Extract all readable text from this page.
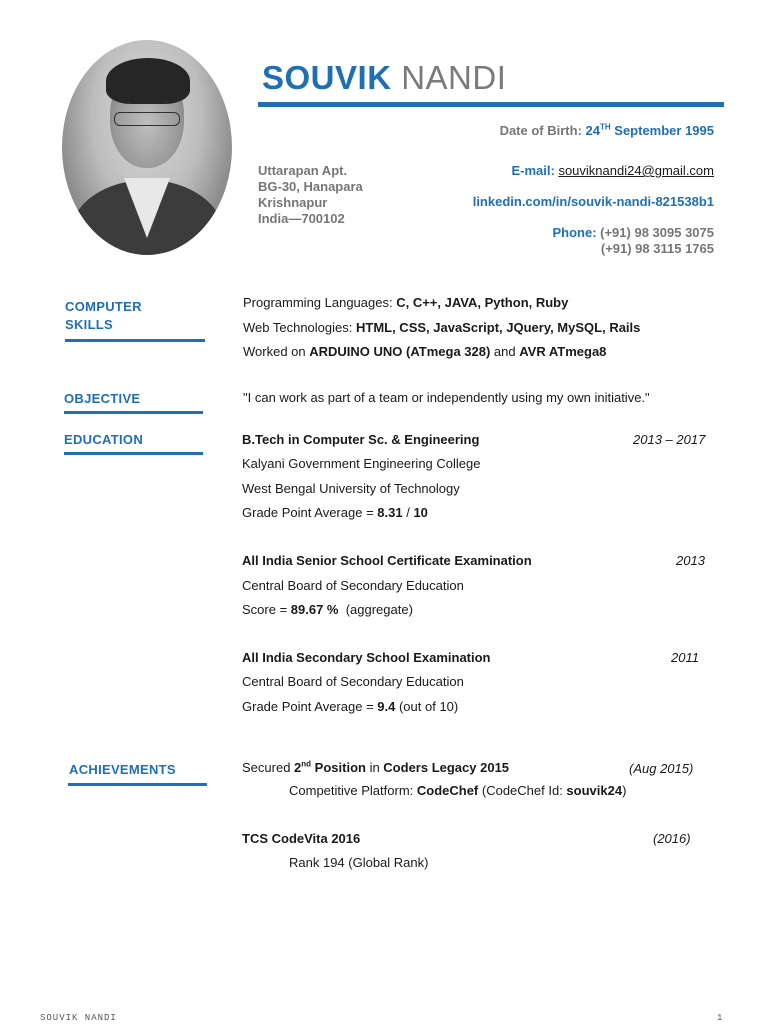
SOUVIK NANDI
Date of Birth: 24TH September 1995
Uttarapan Apt.
BG-30, Hanapara
Krishnapur
India—700102
E-mail: souviknandi24@gmail.com
linkedin.com/in/souvik-nandi-821538b1
Phone: (+91) 98 3095 3075
(+91) 98 3115 1765
COMPUTER
SKILLS
Programming Languages: C, C++, JAVA, Python, Ruby
Web Technologies: HTML, CSS, JavaScript, JQuery, MySQL, Rails
Worked on ARDUINO UNO (ATmega 328) and AVR ATmega8
OBJECTIVE	"I can work as part of a team or independently using my own initiative."
EDUCATION	B.Tech in Computer Sc. & Engineering	2013 – 2017
Kalyani Government Engineering College
West Bengal University of Technology
Grade Point Average = 8.31 / 10
All India Senior School Certificate Examination	2013
Central Board of Secondary Education
Score = 89.67 %  (aggregate)
All India Secondary School Examination	2011
Central Board of Secondary Education
Grade Point Average = 9.4 (out of 10)
ACHIEVEMENTS	Secured 2nd Position in Coders Legacy 2015	(Aug 2015)
Competitive Platform: CodeChef (CodeChef Id: souvik24)
TCS CodeVita 2016	(2016)
Rank 194 (Global Rank)
SOUVIK NANDI	1
